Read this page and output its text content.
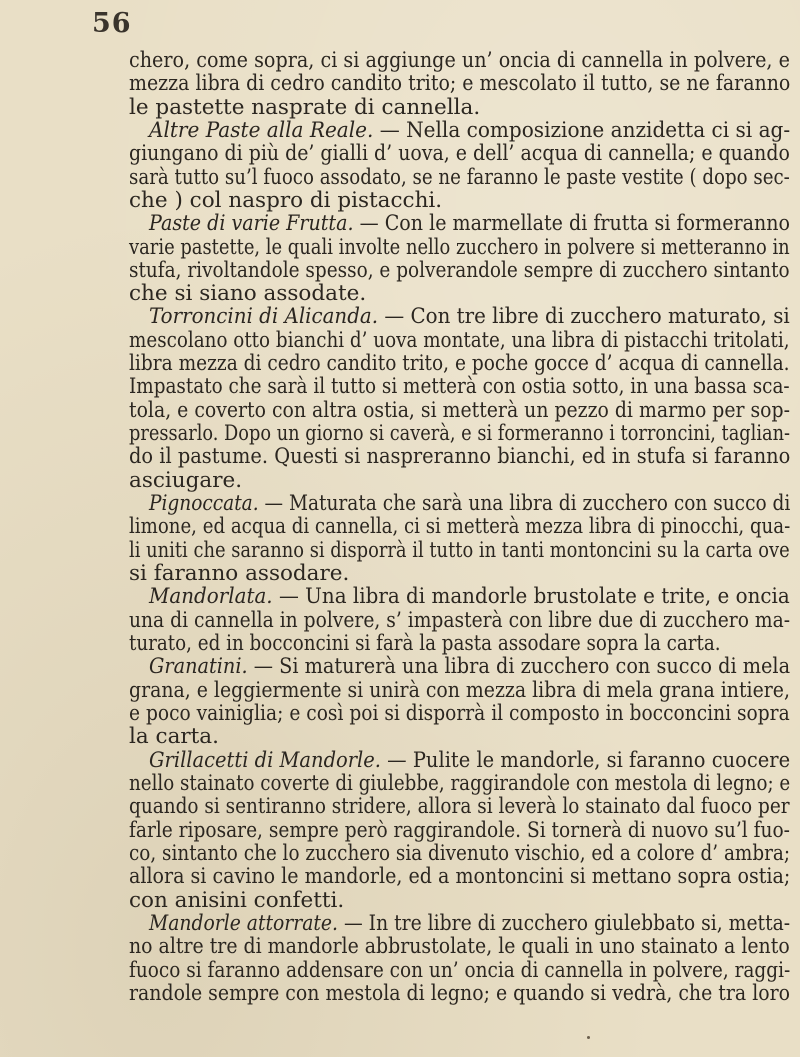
56
chero, come sopra, ci si aggiunge un’ oncia di cannella in polvere, e
mezza libra di cedro candito trito; e mescolato il tutto, se ne faranno
le pastette nasprate di cannella.
Altre Paste alla Reale. — Nella composizione anzidetta ci si ag-
giungano di più de’ gialli d’ uova, e dell’ acqua di cannella; e quando
sarà tutto su’l fuoco assodato, se ne faranno le paste vestite ( dopo sec-
che ) col naspro di pistacchi.
Paste di varie Frutta. — Con le marmellate di frutta si formeranno
varie pastette, le quali involte nello zucchero in polvere si metteranno in
stufa, rivoltandole spesso, e polverandole sempre di zucchero sintanto
che si siano assodate.
Torroncini di Alicanda. — Con tre libre di zucchero maturato, si
mescolano otto bianchi d’ uova montate, una libra di pistacchi tritolati,
libra mezza di cedro candito trito, e poche gocce d’ acqua di cannella.
Impastato che sarà il tutto si metterà con ostia sotto, in una bassa sca-
tola, e coverto con altra ostia, si metterà un pezzo di marmo per sop-
pressarlo. Dopo un giorno si caverà, e si formeranno i torroncini, taglian-
do il pastume. Questi si naspreranno bianchi, ed in stufa si faranno
asciugare.
Pignoccata. — Maturata che sarà una libra di zucchero con succo di
limone, ed acqua di cannella, ci si metterà mezza libra di pinocchi, qua-
li uniti che saranno si disporrà il tutto in tanti montoncini su la carta ove
si faranno assodare.
Mandorlata. — Una libra di mandorle brustolate e trite, e oncia
una di cannella in polvere, s’ impasterà con libre due di zucchero ma-
turato, ed in bocconcini si farà la pasta assodare sopra la carta.
Granatini. — Si maturerà una libra di zucchero con succo di mela
grana, e leggiermente si unirà con mezza libra di mela grana intiere,
e poco vainiglia; e così poi si disporrà il composto in bocconcini sopra
la carta.
Grillacetti di Mandorle. — Pulite le mandorle, si faranno cuocere
nello stainato coverte di giulebbe, raggirandole con mestola di legno; e
quando si sentiranno stridere, allora si leverà lo stainato dal fuoco per
farle riposare, sempre però raggirandole. Si tornerà di nuovo su’l fuo-
co, sintanto che lo zucchero sia divenuto vischio, ed a colore d’ ambra;
allora si cavino le mandorle, ed a montoncini si mettano sopra ostia;
con anisini confetti.
Mandorle attorrate. — In tre libre di zucchero giulebbato si, metta-
no altre tre di mandorle abbrustolate, le quali in uno stainato a lento
fuoco si faranno addensare con un’ oncia di cannella in polvere, raggi-
randole sempre con mestola di legno; e quando si vedrà, che tra loro
